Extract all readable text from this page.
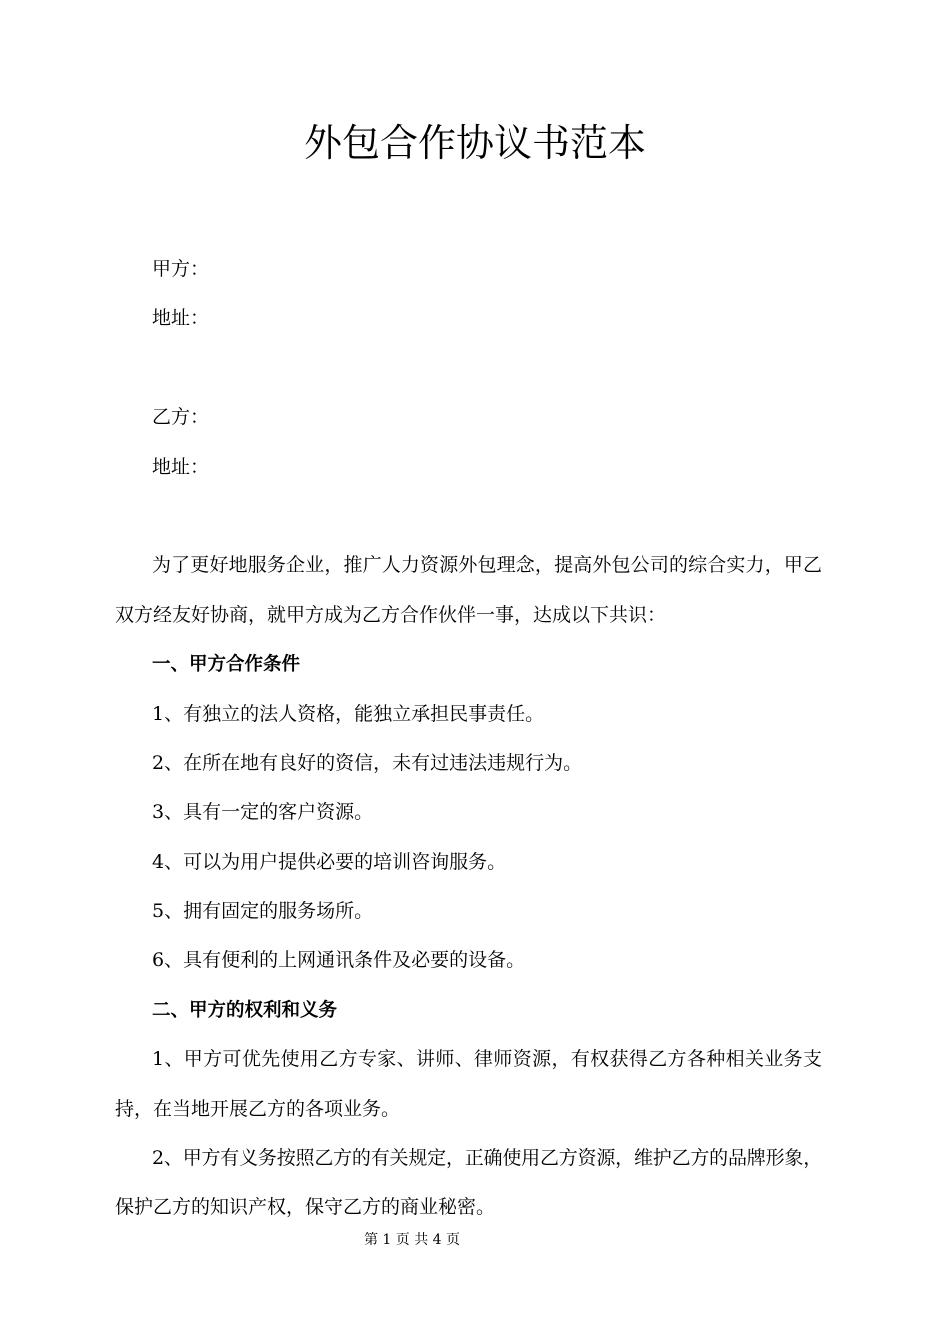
外包合作协议书范本
甲方：
地址：
乙方：
地址：
为了更好地服务企业，推广人力资源外包理念，提高外包公司的综合实力，甲乙
双方经友好协商，就甲方成为乙方合作伙伴一事，达成以下共识：
一、甲方合作条件
1、有独立的法人资格，能独立承担民事责任。
2、在所在地有良好的资信，未有过违法违规行为。
3、具有一定的客户资源。
4、可以为用户提供必要的培训咨询服务。
5、拥有固定的服务场所。
6、具有便利的上网通讯条件及必要的设备。
二、甲方的权利和义务
1、甲方可优先使用乙方专家、讲师、律师资源，有权获得乙方各种相关业务支
持，在当地开展乙方的各项业务。
2、甲方有义务按照乙方的有关规定，正确使用乙方资源，维护乙方的品牌形象，
保护乙方的知识产权，保守乙方的商业秘密。
第 1 页 共 4 页
